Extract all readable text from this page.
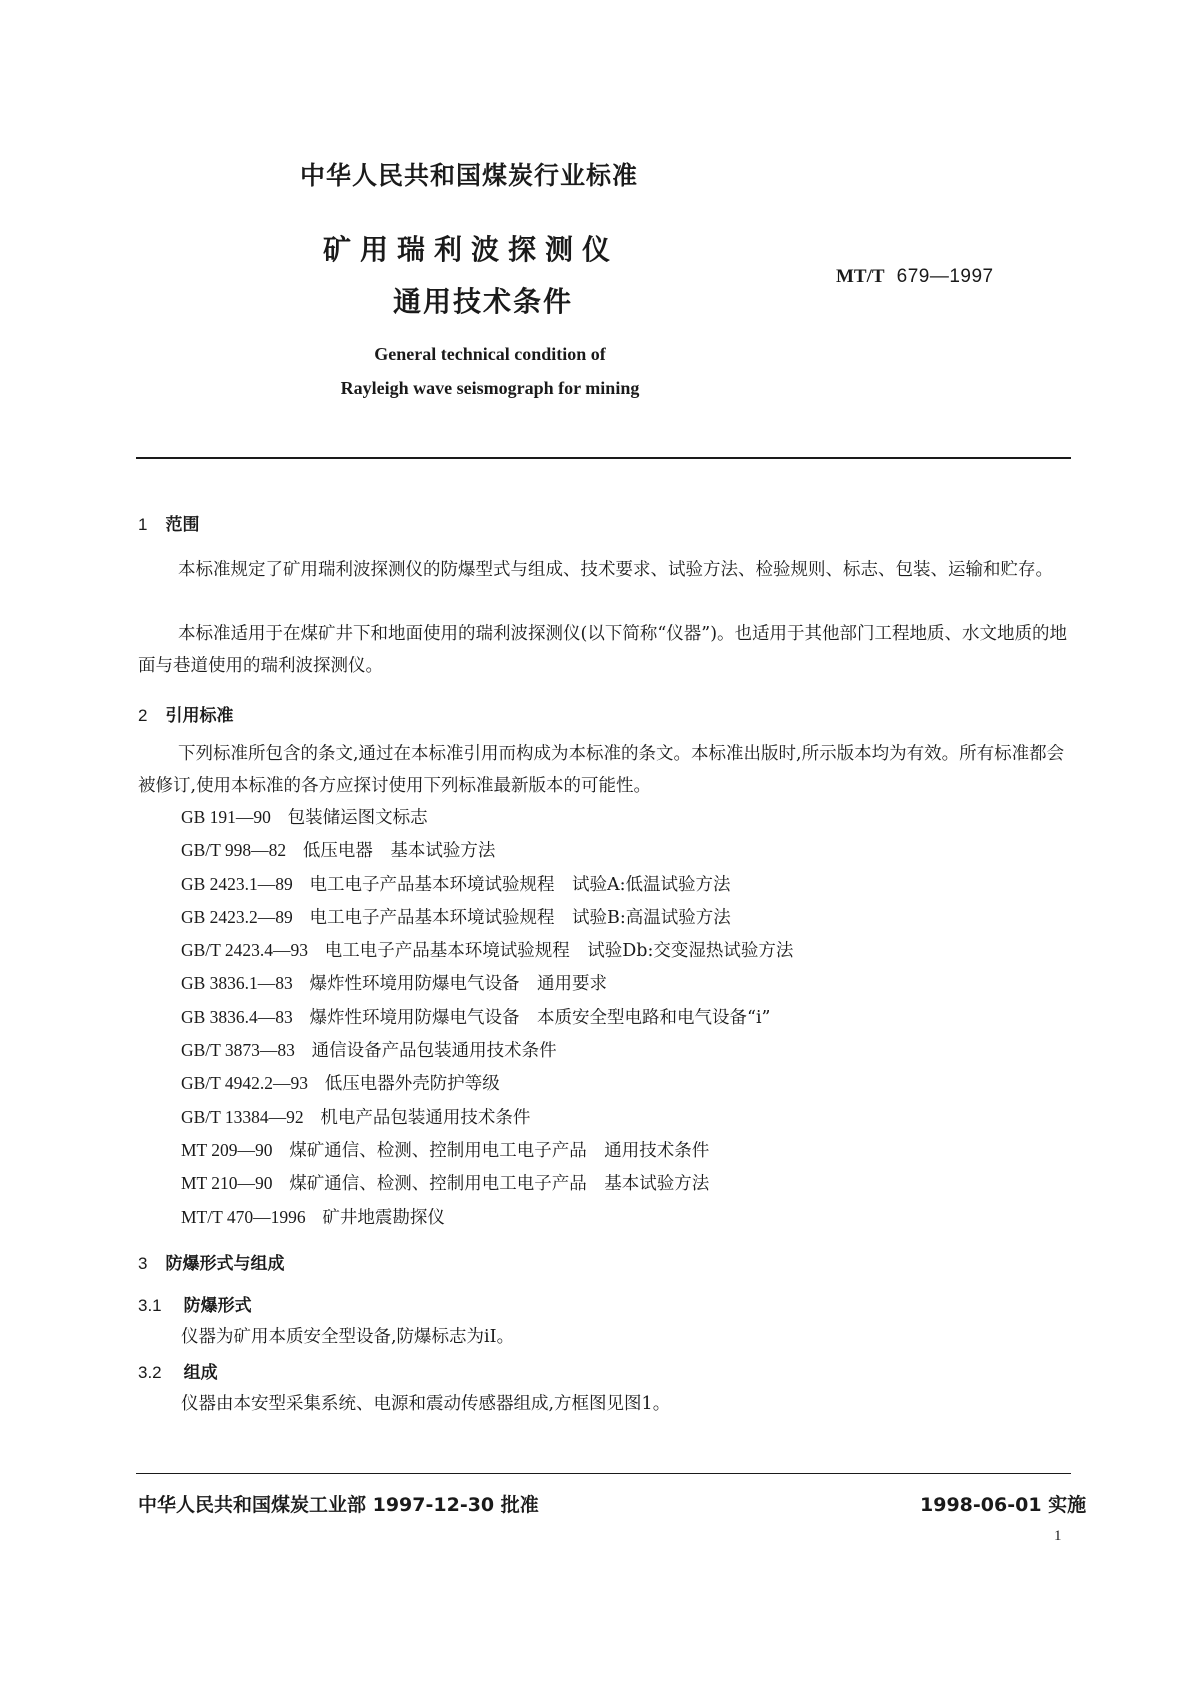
中华人民共和国煤炭行业标准
矿用瑞利波探测仪
通用技术条件
MT/T 679—1997
General technical condition of
Rayleigh wave seismograph for mining
1 范围
本标准规定了矿用瑞利波探测仪的防爆型式与组成、技术要求、试验方法、检验规则、标志、包装、运输和贮存。
本标准适用于在煤矿井下和地面使用的瑞利波探测仪(以下简称“仪器”)。也适用于其他部门工程地质、水文地质的地面与巷道使用的瑞利波探测仪。
2 引用标准
下列标准所包含的条文,通过在本标准引用而构成为本标准的条文。本标准出版时,所示版本均为有效。所有标准都会被修订,使用本标准的各方应探讨使用下列标准最新版本的可能性。
GB 191—90 包装储运图文标志
GB/T 998—82 低压电器　基本试验方法
GB 2423.1—89 电工电子产品基本环境试验规程　试验A:低温试验方法
GB 2423.2—89 电工电子产品基本环境试验规程　试验B:高温试验方法
GB/T 2423.4—93 电工电子产品基本环境试验规程　试验Db:交变湿热试验方法
GB 3836.1—83 爆炸性环境用防爆电气设备　通用要求
GB 3836.4—83 爆炸性环境用防爆电气设备　本质安全型电路和电气设备“i”
GB/T 3873—83 通信设备产品包装通用技术条件
GB/T 4942.2—93 低压电器外壳防护等级
GB/T 13384—92 机电产品包装通用技术条件
MT 209—90 煤矿通信、检测、控制用电工电子产品　通用技术条件
MT 210—90 煤矿通信、检测、控制用电工电子产品　基本试验方法
MT/T 470—1996 矿井地震勘探仪
3 防爆形式与组成
3.1 防爆形式
仪器为矿用本质安全型设备,防爆标志为iI。
3.2 组成
仪器由本安型采集系统、电源和震动传感器组成,方框图见图1。
中华人民共和国煤炭工业部 1997-12-30 批准	1998-06-01 实施
1
